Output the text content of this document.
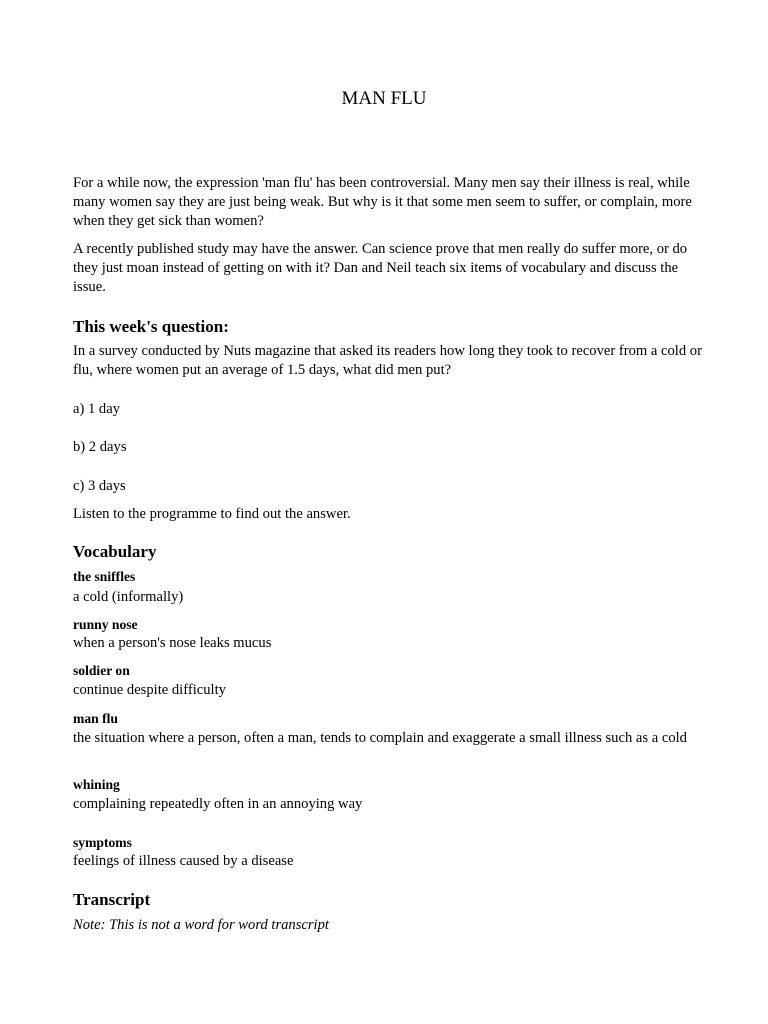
MAN FLU

For a while now, the expression 'man flu' has been controversial. Many men say their illness is real, while many women say they are just being weak. But why is it that some men seem to suffer, or complain, more when they get sick than women?

A recently published study may have the answer. Can science prove that men really do suffer more, or do they just moan instead of getting on with it? Dan and Neil teach six items of vocabulary and discuss the issue.

This week's question:

In a survey conducted by Nuts magazine that asked its readers how long they took to recover from a cold or flu, where women put an average of 1.5 days, what did men put?

a) 1 day

b) 2 days

c) 3 days

Listen to the programme to find out the answer.

Vocabulary
the sniffles
a cold (informally)
runny nose
when a person's nose leaks mucus
soldier on
continue despite difficulty
man flu
the situation where a person, often a man, tends to complain and exaggerate a small illness such as a cold
whining
complaining repeatedly often in an annoying way
symptoms
feelings of illness caused by a disease
Transcript

Note: This is not a word for word transcript
